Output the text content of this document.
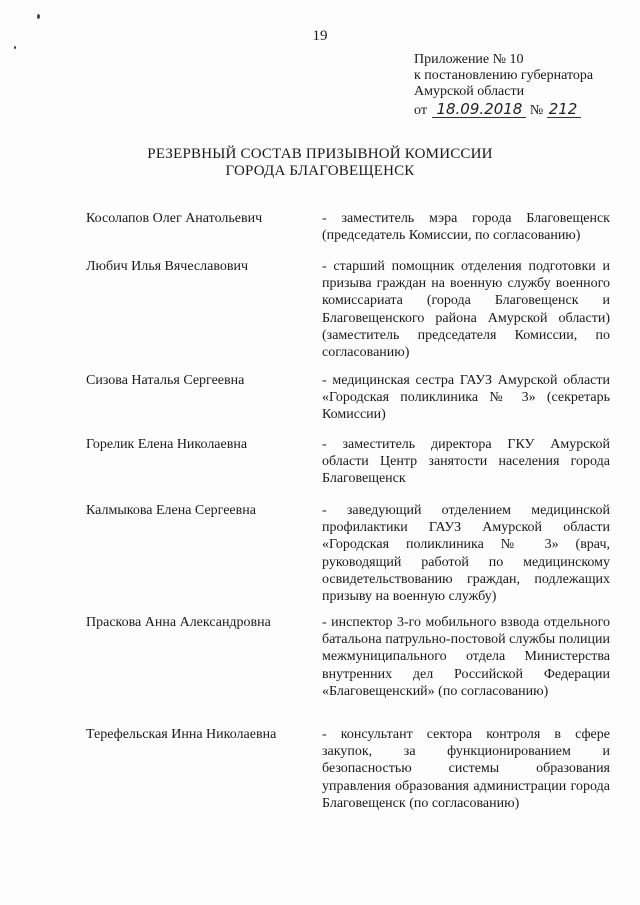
19
Приложение № 10
к постановлению губернатора
Амурской области
от 18.09.2018 № 212
РЕЗЕРВНЫЙ СОСТАВ ПРИЗЫВНОЙ КОМИССИИ
ГОРОДА БЛАГОВЕЩЕНСК
Косолапов Олег Анатольевич	- заместитель мэра города Благовещенск (председатель Комиссии, по согласованию)
Любич Илья Вячеславович	- старший помощник отделения подготовки и призыва граждан на военную службу военного комиссариата (города Благовещенск и Благовещенского района Амурской области) (заместитель председателя Комиссии, по согласованию)
Сизова Наталья Сергеевна	- медицинская сестра ГАУЗ Амурской области «Городская поликлиника № 3» (секретарь Комиссии)
Горелик Елена Николаевна	- заместитель директора ГКУ Амурской области Центр занятости населения города Благовещенск
Калмыкова Елена Сергеевна	- заведующий отделением медицинской профилактики ГАУЗ Амурской области «Городская поликлиника № 3» (врач, руководящий работой по медицинскому освидетельствованию граждан, подлежащих призыву на военную службу)
Праскова Анна Александровна	- инспектор 3-го мобильного взвода отдельного батальона патрульно-постовой службы полиции межмуниципального отдела Министерства внутренних дел Российской Федерации «Благовещенский» (по согласованию)
Терефельская Инна Николаевна	- консультант сектора контроля в сфере закупок, за функционированием и безопасностью системы образования управления образования администрации города Благовещенск (по согласованию)
